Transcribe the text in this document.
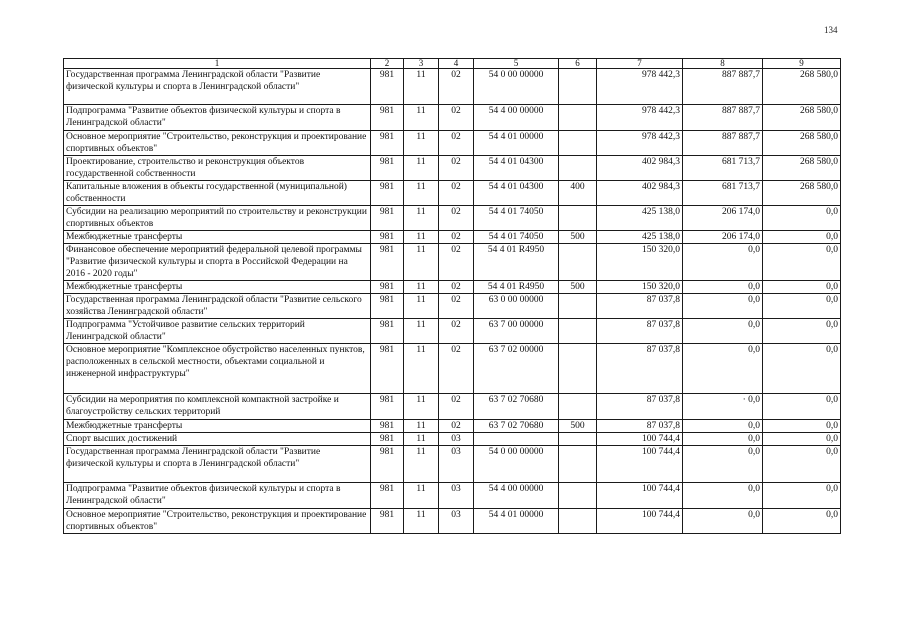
134
1	2	3	4	5	6	7	8	9
Государственная программа Ленинградской области "Развитие физической культуры и спорта в Ленинградской области"	981	11	02	54 0 00 00000		978 442,3	887 887,7	268 580,0
Подпрограмма "Развитие объектов физической культуры и спорта в Ленинградской области"	981	11	02	54 4 00 00000		978 442,3	887 887,7	268 580,0
Основное мероприятие "Строительство, реконструкция и проектирование спортивных объектов"	981	11	02	54 4 01 00000		978 442,3	887 887,7	268 580,0
Проектирование, строительство и реконструкция объектов государственной собственности	981	11	02	54 4 01 04300		402 984,3	681 713,7	268 580,0
Капитальные вложения в объекты государственной (муниципальной) собственности	981	11	02	54 4 01 04300	400	402 984,3	681 713,7	268 580,0
Субсидии на реализацию мероприятий по строительству и реконструкции спортивных объектов	981	11	02	54 4 01 74050		425 138,0	206 174,0	0,0
Межбюджетные трансферты	981	11	02	54 4 01 74050	500	425 138,0	206 174,0	0,0
Финансовое обеспечение мероприятий федеральной целевой программы "Развитие физической культуры и спорта в Российской Федерации на 2016 - 2020 годы"	981	11	02	54 4 01 R4950		150 320,0	0,0	0,0
Межбюджетные трансферты	981	11	02	54 4 01 R4950	500	150 320,0	0,0	0,0
Государственная программа Ленинградской области "Развитие сельского хозяйства Ленинградской области"	981	11	02	63 0 00 00000		87 037,8	0,0	0,0
Подпрограмма "Устойчивое развитие сельских территорий Ленинградской области"	981	11	02	63 7 00 00000		87 037,8	0,0	0,0
Основное мероприятие "Комплексное обустройство населенных пунктов, расположенных в сельской местности, объектами социальной и инженерной инфраструктуры"	981	11	02	63 7 02 00000		87 037,8	0,0	0,0
Субсидии на мероприятия по комплексной компактной застройке и благоустройству сельских территорий	981	11	02	63 7 02 70680		87 037,8	· 0,0	0,0
Межбюджетные трансферты	981	11	02	63 7 02 70680	500	87 037,8	0,0	0,0
Спорт высших достижений	981	11	03			100 744,4	0,0	0,0
Государственная программа Ленинградской области "Развитие физической культуры и спорта в Ленинградской области"	981	11	03	54 0 00 00000		100 744,4	0,0	0,0
Подпрограмма "Развитие объектов физической культуры и спорта в Ленинградской области"	981	11	03	54 4 00 00000		100 744,4	0,0	0,0
Основное мероприятие "Строительство, реконструкция и проектирование спортивных объектов"	981	11	03	54 4 01 00000		100 744,4	0,0	0,0
